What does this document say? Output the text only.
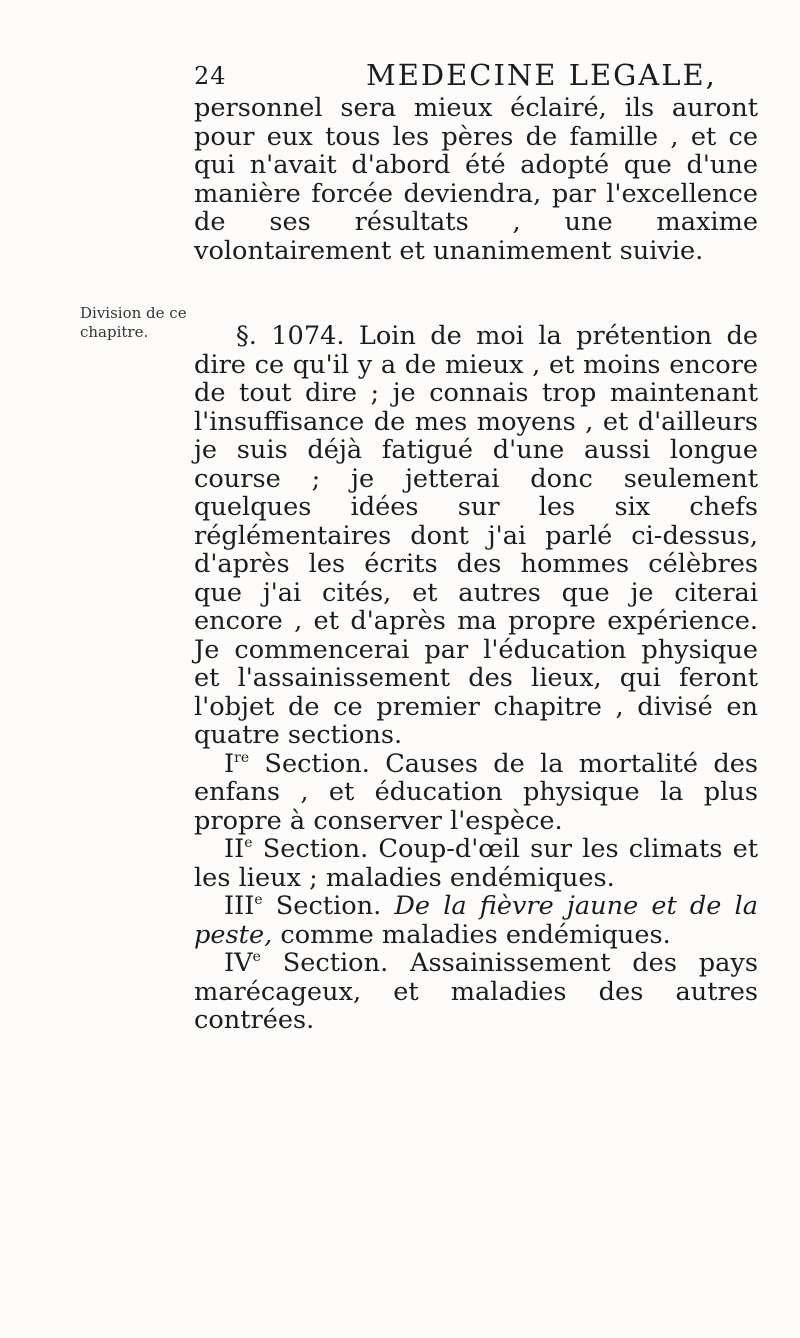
24	MEDECINE LEGALE,
Division de ce chapitre.

personnel sera mieux éclairé, ils auront pour eux tous les pères de famille , et ce qui n'avait d'abord été adopté que d'une manière forcée deviendra, par l'excellence de ses résultats , une maxime volontairement et unanimement suivie.

§. 1074. Loin de moi la prétention de dire ce qu'il y a de mieux , et moins encore de tout dire ; je connais trop maintenant l'insuffisance de mes moyens , et d'ailleurs je suis déjà fatigué d'une aussi longue course ; je jetterai donc seulement quelques idées sur les six chefs réglémentaires dont j'ai parlé ci-dessus, d'après les écrits des hommes célèbres que j'ai cités, et autres que je citerai encore , et d'après ma propre expérience. Je commencerai par l'éducation physique et l'assainissement des lieux, qui feront l'objet de ce premier chapitre , divisé en quatre sections.

Ire Section. Causes de la mortalité des enfans , et éducation physique la plus propre à conserver l'espèce.

IIe Section. Coup-d'œil sur les climats et les lieux ; maladies endémiques.

IIIe Section. De la fièvre jaune et de la peste, comme maladies endémiques.

IVe Section. Assainissement des pays marécageux, et maladies des autres contrées.
